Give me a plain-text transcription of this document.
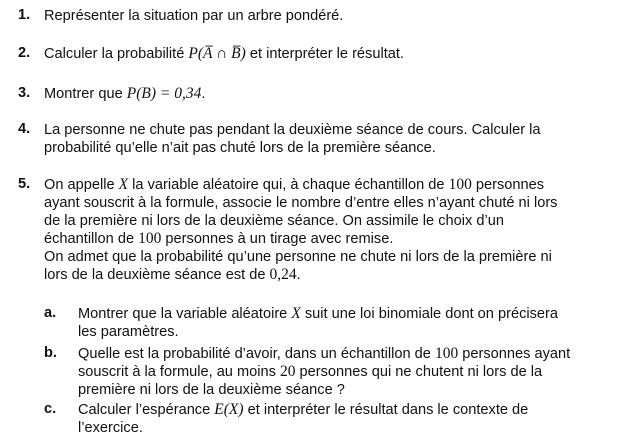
1. Représenter la situation par un arbre pondéré.
2. Calculer la probabilité P(A̅ ∩ B̅) et interpréter le résultat.
3. Montrer que P(B) = 0,34.
4. La personne ne chute pas pendant la deuxième séance de cours. Calculer la
probabilité qu’elle n’ait pas chuté lors de la première séance.
5. On appelle X la variable aléatoire qui, à chaque échantillon de 100 personnes
ayant souscrit à la formule, associe le nombre d’entre elles n’ayant chuté ni lors
de la première ni lors de la deuxième séance. On assimile le choix d’un
échantillon de 100 personnes à un tirage avec remise.
On admet que la probabilité qu’une personne ne chute ni lors de la première ni
lors de la deuxième séance est de 0,24.
a. Montrer que la variable aléatoire X suit une loi binomiale dont on précisera
les paramètres.
b. Quelle est la probabilité d’avoir, dans un échantillon de 100 personnes ayant
souscrit à la formule, au moins 20 personnes qui ne chutent ni lors de la
première ni lors de la deuxième séance ?
c. Calculer l’espérance E(X) et interpréter le résultat dans le contexte de
l’exercice.
